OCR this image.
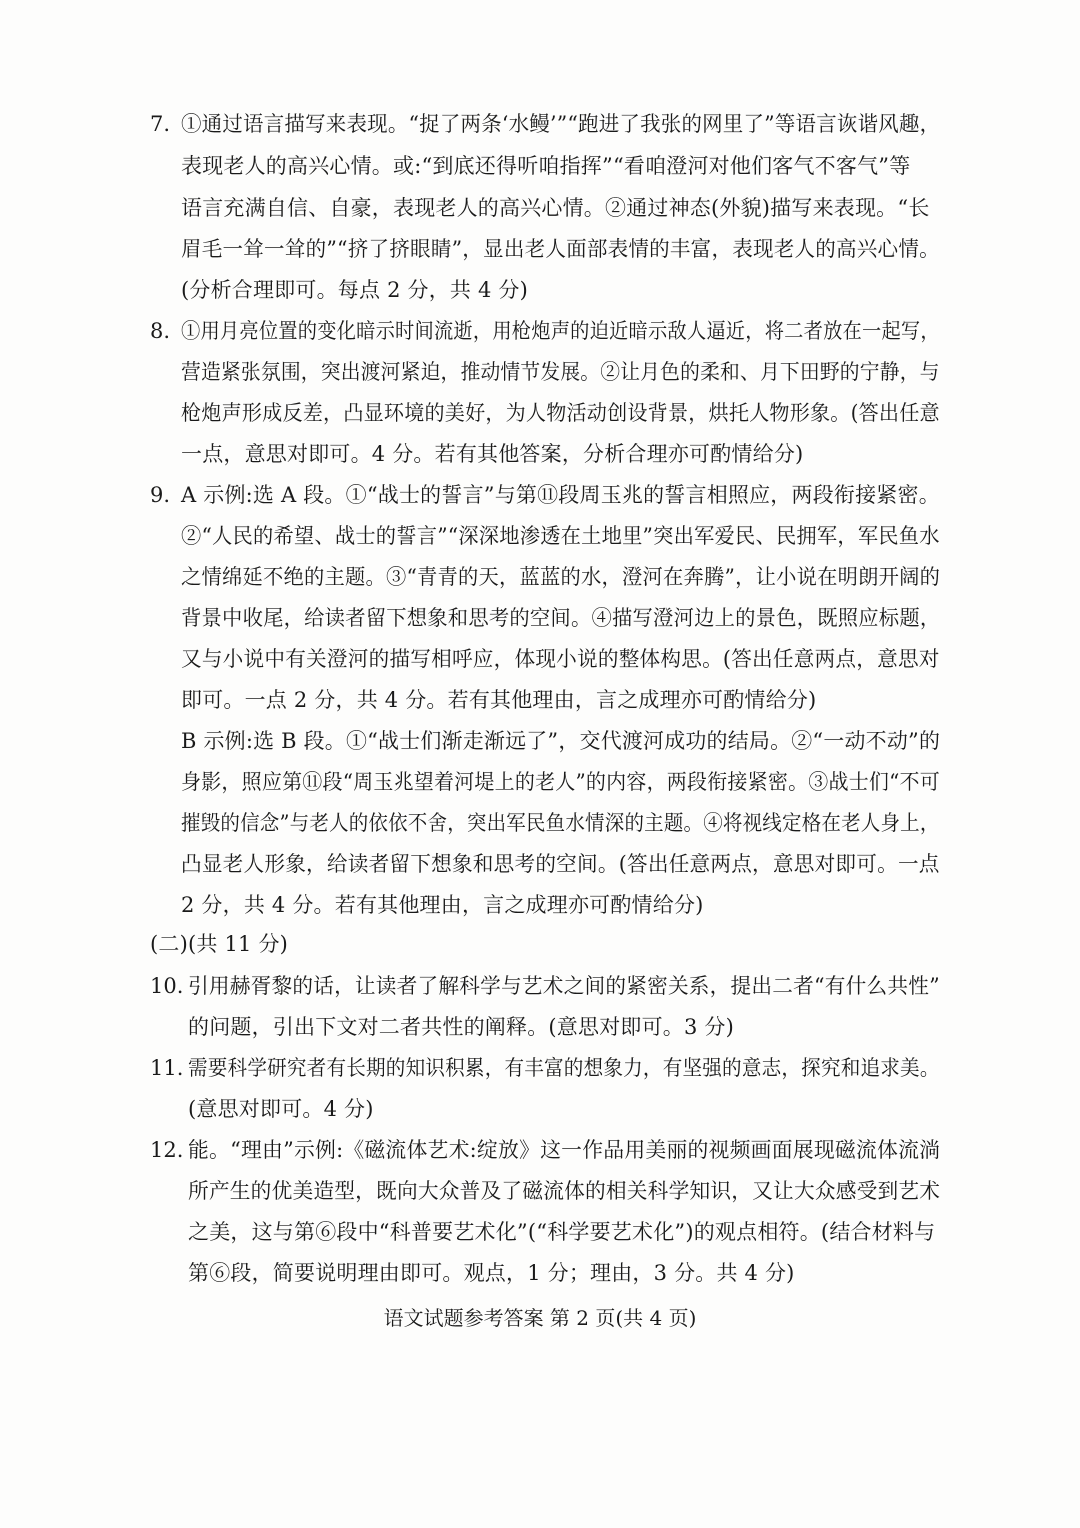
7. ①通过语言描写来表现。“捉了两条‘水鳗’”“跑进了我张的网里了”等语言诙谐风趣，
表现老人的高兴心情。或:“到底还得听咱指挥”“看咱澄河对他们客气不客气”等
语言充满自信、自豪，表现老人的高兴心情。②通过神态(外貌)描写来表现。“长
眉毛一耸一耸的”“挤了挤眼睛”，显出老人面部表情的丰富，表现老人的高兴心情。
(分析合理即可。每点 2 分，共 4 分)
8. ①用月亮位置的变化暗示时间流逝，用枪炮声的迫近暗示敌人逼近，将二者放在一起写，
营造紧张氛围，突出渡河紧迫，推动情节发展。②让月色的柔和、月下田野的宁静，与
枪炮声形成反差，凸显环境的美好，为人物活动创设背景，烘托人物形象。(答出任意
一点，意思对即可。4 分。若有其他答案，分析合理亦可酌情给分)
9. A 示例:选 A 段。①“战士的誓言”与第⑪段周玉兆的誓言相照应，两段衔接紧密。
②“人民的希望、战士的誓言”“深深地渗透在土地里”突出军爱民、民拥军，军民鱼水
之情绵延不绝的主题。③“青青的天，蓝蓝的水，澄河在奔腾”，让小说在明朗开阔的
背景中收尾，给读者留下想象和思考的空间。④描写澄河边上的景色，既照应标题，
又与小说中有关澄河的描写相呼应，体现小说的整体构思。(答出任意两点，意思对
即可。一点 2 分，共 4 分。若有其他理由，言之成理亦可酌情给分)
B 示例:选 B 段。①“战士们渐走渐远了”，交代渡河成功的结局。②“一动不动”的
身影，照应第⑪段“周玉兆望着河堤上的老人”的内容，两段衔接紧密。③战士们“不可
摧毁的信念”与老人的依依不舍，突出军民鱼水情深的主题。④将视线定格在老人身上，
凸显老人形象，给读者留下想象和思考的空间。(答出任意两点，意思对即可。一点
2 分，共 4 分。若有其他理由，言之成理亦可酌情给分)
(二)(共 11 分)
10. 引用赫胥黎的话，让读者了解科学与艺术之间的紧密关系，提出二者“有什么共性”
的问题，引出下文对二者共性的阐释。(意思对即可。3 分)
11. 需要科学研究者有长期的知识积累，有丰富的想象力，有坚强的意志，探究和追求美。
(意思对即可。4 分)
12. 能。“理由”示例:《磁流体艺术:绽放》这一作品用美丽的视频画面展现磁流体流淌
所产生的优美造型，既向大众普及了磁流体的相关科学知识，又让大众感受到艺术
之美，这与第⑥段中“科普要艺术化”(“科学要艺术化”)的观点相符。(结合材料与
第⑥段，简要说明理由即可。观点，1 分；理由，3 分。共 4 分)
语文试题参考答案 第 2 页(共 4 页)
